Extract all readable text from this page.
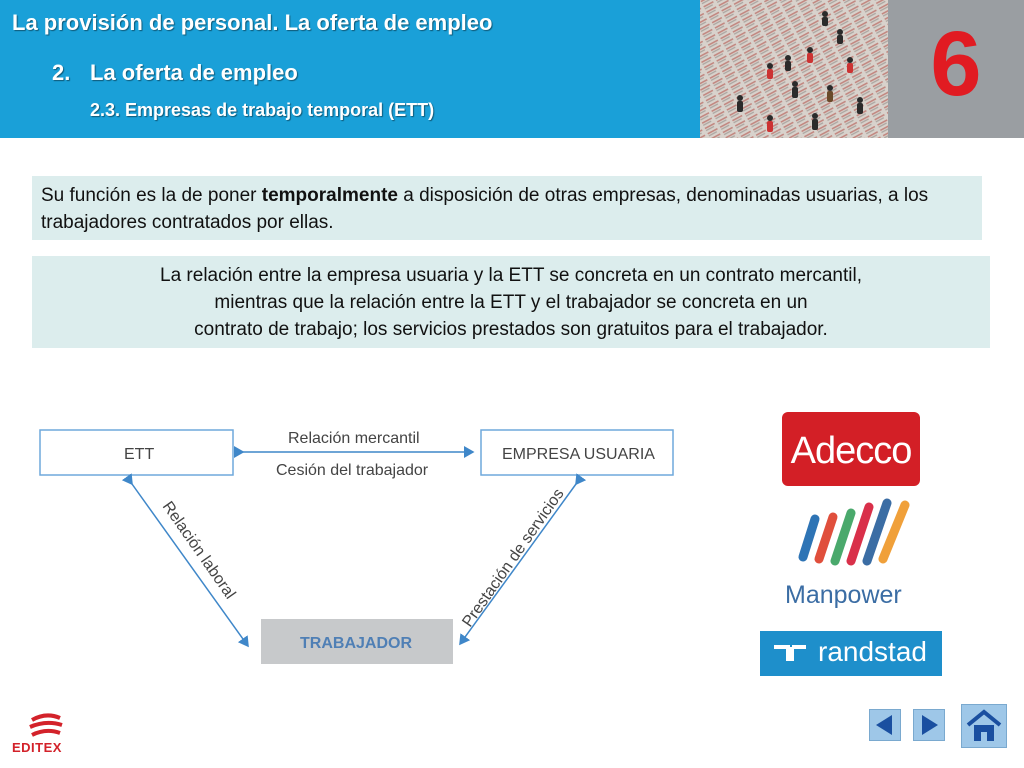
La provisión de personal. La oferta de empleo
2. La oferta de empleo
2.3. Empresas de trabajo temporal (ETT)	6
Su función es la de poner temporalmente a disposición de otras empresas, denominadas usuarias, a los trabajadores contratados por ellas.
La relación entre la empresa usuaria y la ETT se concreta en un contrato mercantil,
mientras que la relación entre la ETT y el trabajador se concreta en un
contrato de trabajo; los servicios prestados son gratuitos para el trabajador.
ETT	EMPRESA USUARIA
TRABAJADOR
Relación mercantil
Cesión del trabajador
Relación laboral	Prestación de servicios
Adecco
Manpower
randstad
EDITEX
